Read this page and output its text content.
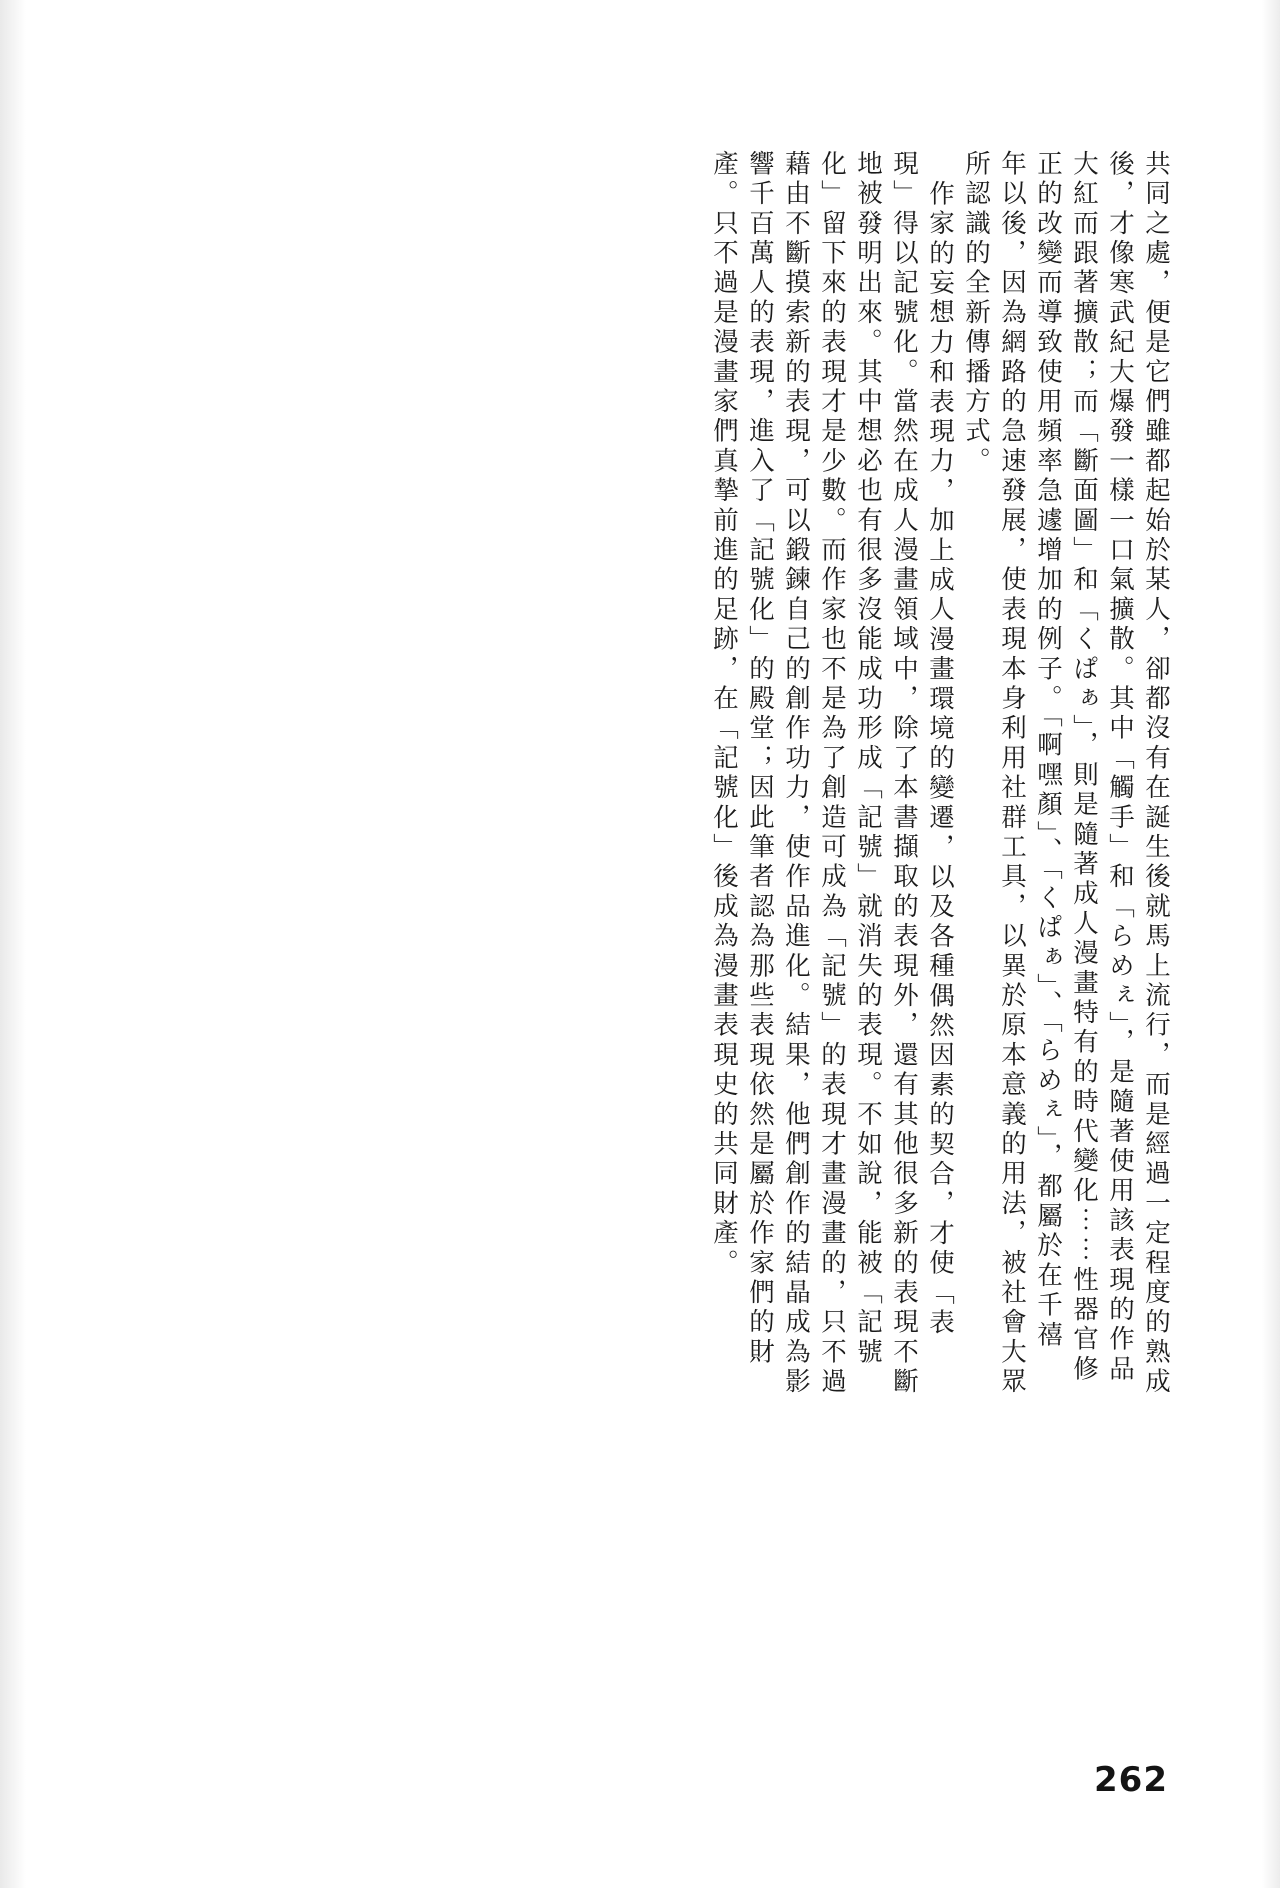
共同之處，便是它們雖都起始於某人，卻都沒有在誕生後就馬上流行，而是經過一定程度的熟成
後，才像寒武紀大爆發一樣一口氣擴散。其中「觸手」和「らめぇ」，是隨著使用該表現的作品
大紅而跟著擴散；而「斷面圖」和「くぱぁ」，則是隨著成人漫畫特有的時代變化⋯⋯性器官修
正的改變而導致使用頻率急遽增加的例子。「啊嘿顏」、「くぱぁ」、「らめぇ」，都屬於在千禧
年以後，因為網路的急速發展，使表現本身利用社群工具，以異於原本意義的用法，被社會大眾
所認識的全新傳播方式。
作家的妄想力和表現力，加上成人漫畫環境的變遷，以及各種偶然因素的契合，才使「表
現」得以記號化。當然在成人漫畫領域中，除了本書擷取的表現外，還有其他很多新的表現不斷
地被發明出來。其中想必也有很多沒能成功形成「記號」就消失的表現。不如說，能被「記號
化」留下來的表現才是少數。而作家也不是為了創造可成為「記號」的表現才畫漫畫的，只不過
藉由不斷摸索新的表現，可以鍛鍊自己的創作功力，使作品進化。結果，他們創作的結晶成為影
響千百萬人的表現，進入了「記號化」的殿堂；因此筆者認為那些表現依然是屬於作家們的財
產。只不過是漫畫家們真摯前進的足跡，在「記號化」後成為漫畫表現史的共同財產。
262
